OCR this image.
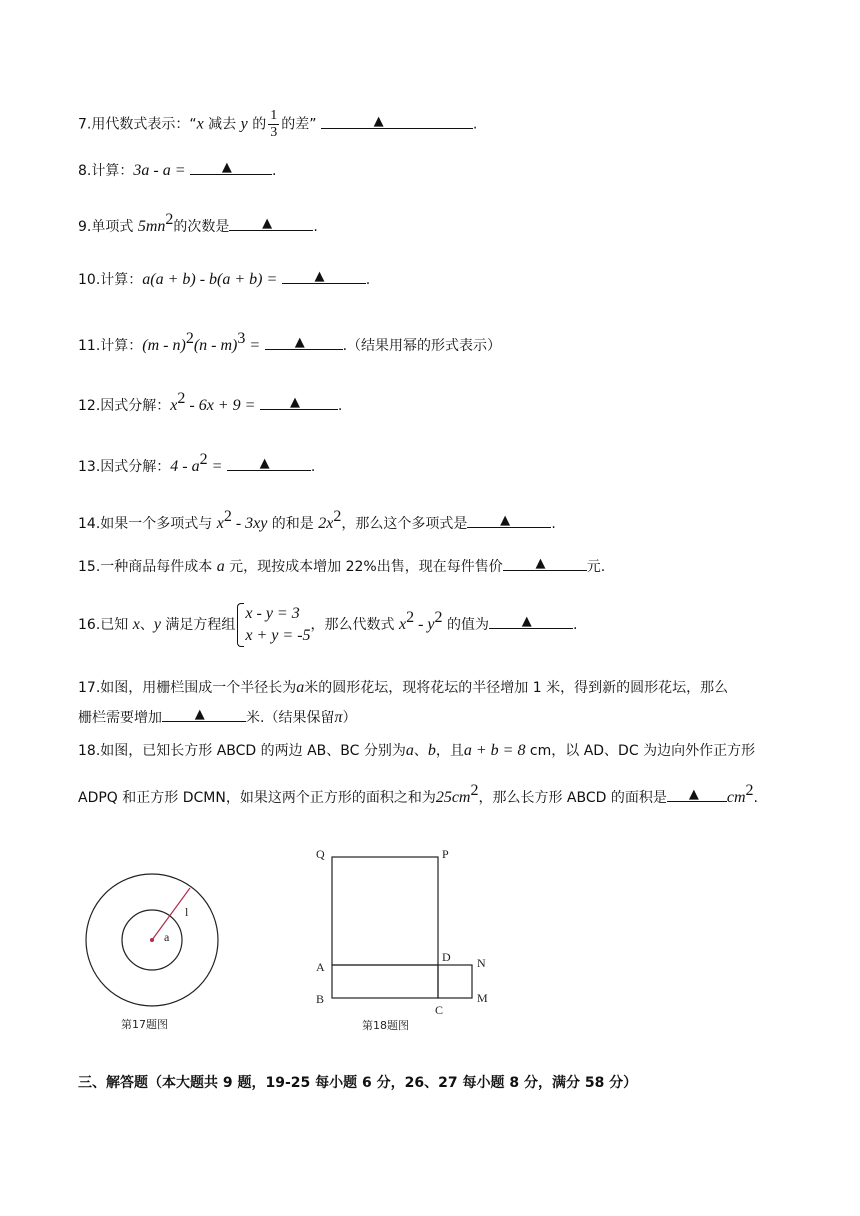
7.用代数式表示：“x 减去 y 的 $\frac{1}{3}$ 的差”	▲	.
8.计算：3a - a =	▲	.
9.单项式 $5mn^2$的次数是	▲	.
10.计算：a(a + b) - b(a + b) =	▲	.
11.计算：(m - n)$^2$(n - m)$^3$ =	▲	.（结果用幂的形式表示）
12.因式分解：$x^2 - 6x + 9$ =	▲	.
13.因式分解：$4 - a^2$ =	▲	.
14.如果一个多项式与 $x^2 - 3xy$ 的和是 $2x^2$，那么这个多项式是	▲	.
15.一种商品每件成本 a 元，现按成本增加 22%出售，现在每件售价	▲	元.
16.已知 x、y 满足方程组
x - y = 3
x + y = -5
，那么代数式 $x^2 - y^2$ 的值为	▲	.
17.如图，用栅栏围成一个半径长为a米的圆形花坛，现将花坛的半径增加 1 米，得到新的圆形花坛，那么
栅栏需要增加	▲	米.（结果保留π）
18.如图，已知长方形 ABCD 的两边 AB、BC 分别为a、b，且a + b = 8 cm，以 AD、DC 为边向外作正方形
ADPQ 和正方形 DCMN，如果这两个正方形的面积之和为$25cm^2$，那么长方形 ABCD 的面积是 ▲ $cm^2$.
a
l
第17题图
Q	P
A
D N
B
C
M
第18题图
三、解答题（本大题共 9 题，19-25 每小题 6 分，26、27 每小题 8 分，满分 58 分）
